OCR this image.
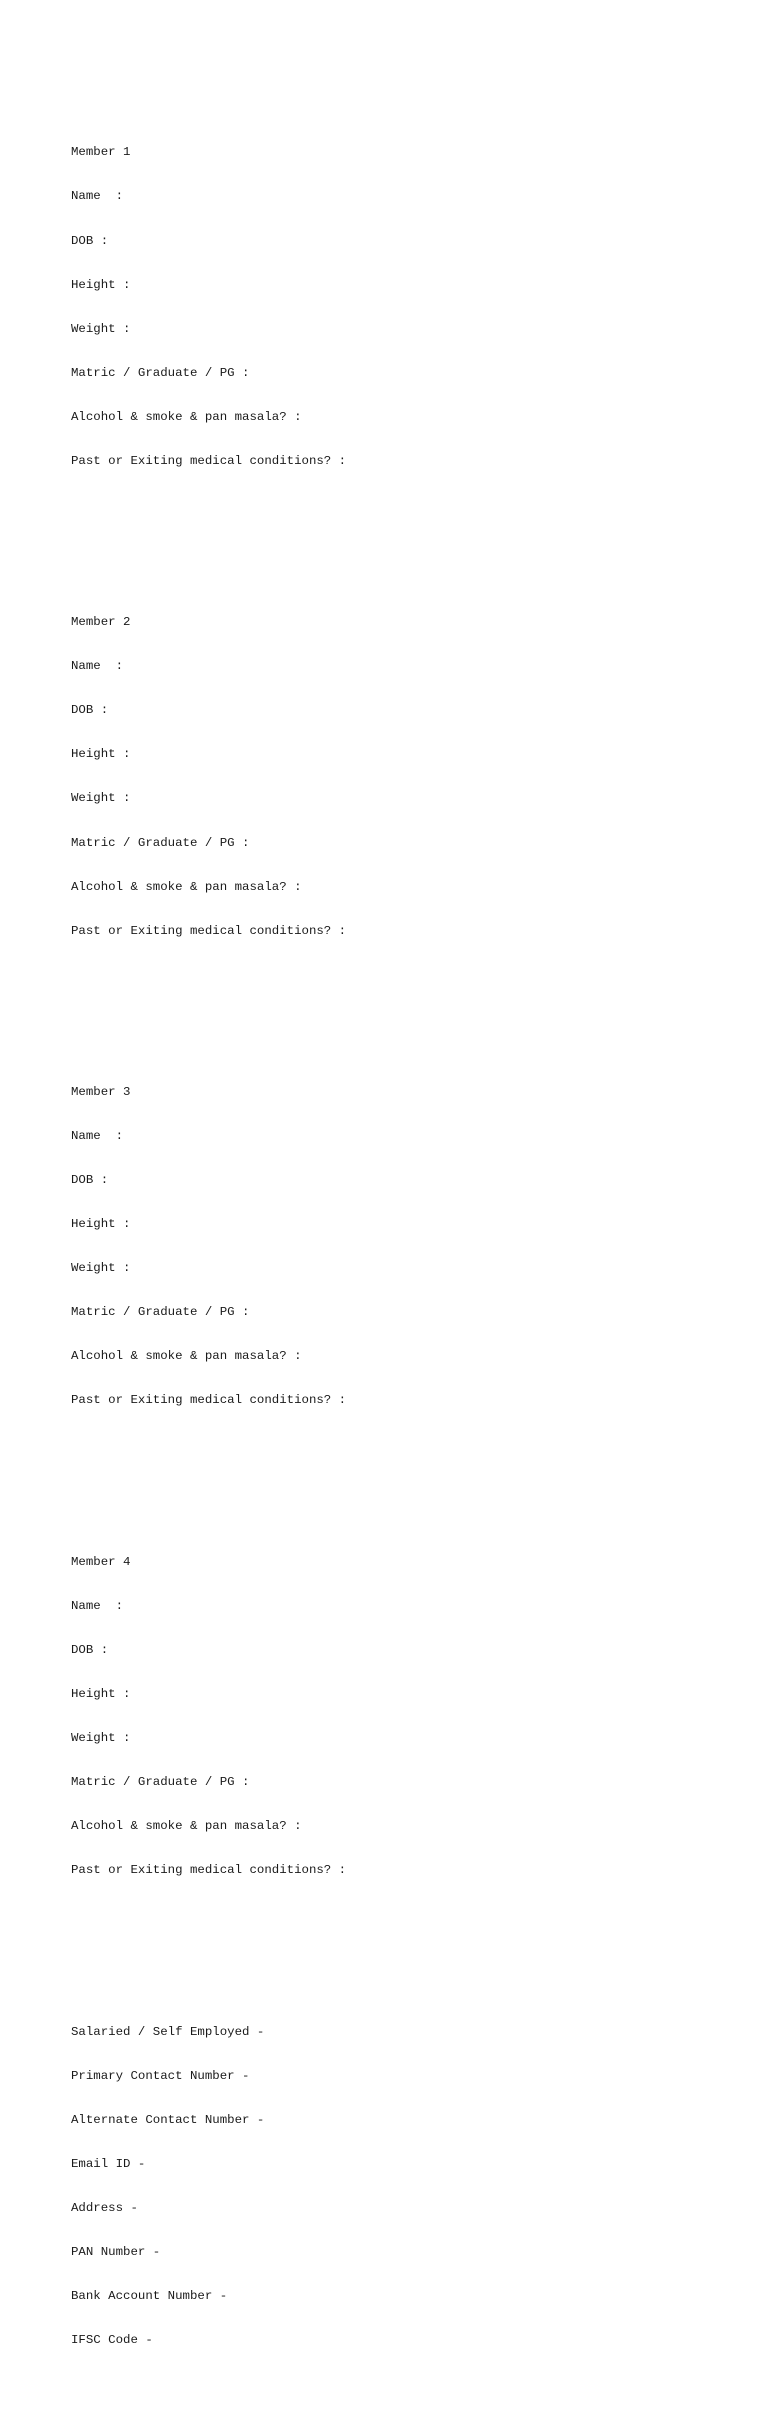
Member 1

Name  :

DOB :

Height :

Weight :

Matric / Graduate / PG :

Alcohol & smoke & pan masala? :

Past or Exiting medical conditions? :

Member 2

Name  :

DOB :

Height :

Weight :

Matric / Graduate / PG :

Alcohol & smoke & pan masala? :

Past or Exiting medical conditions? :

Member 3

Name  :

DOB :

Height :

Weight :

Matric / Graduate / PG :

Alcohol & smoke & pan masala? :

Past or Exiting medical conditions? :

Member 4

Name  :

DOB :

Height :

Weight :

Matric / Graduate / PG :

Alcohol & smoke & pan masala? :

Past or Exiting medical conditions? :

Salaried / Self Employed -

Primary Contact Number -

Alternate Contact Number -

Email ID -

Address -

PAN Number -

Bank Account Number -

IFSC Code -
